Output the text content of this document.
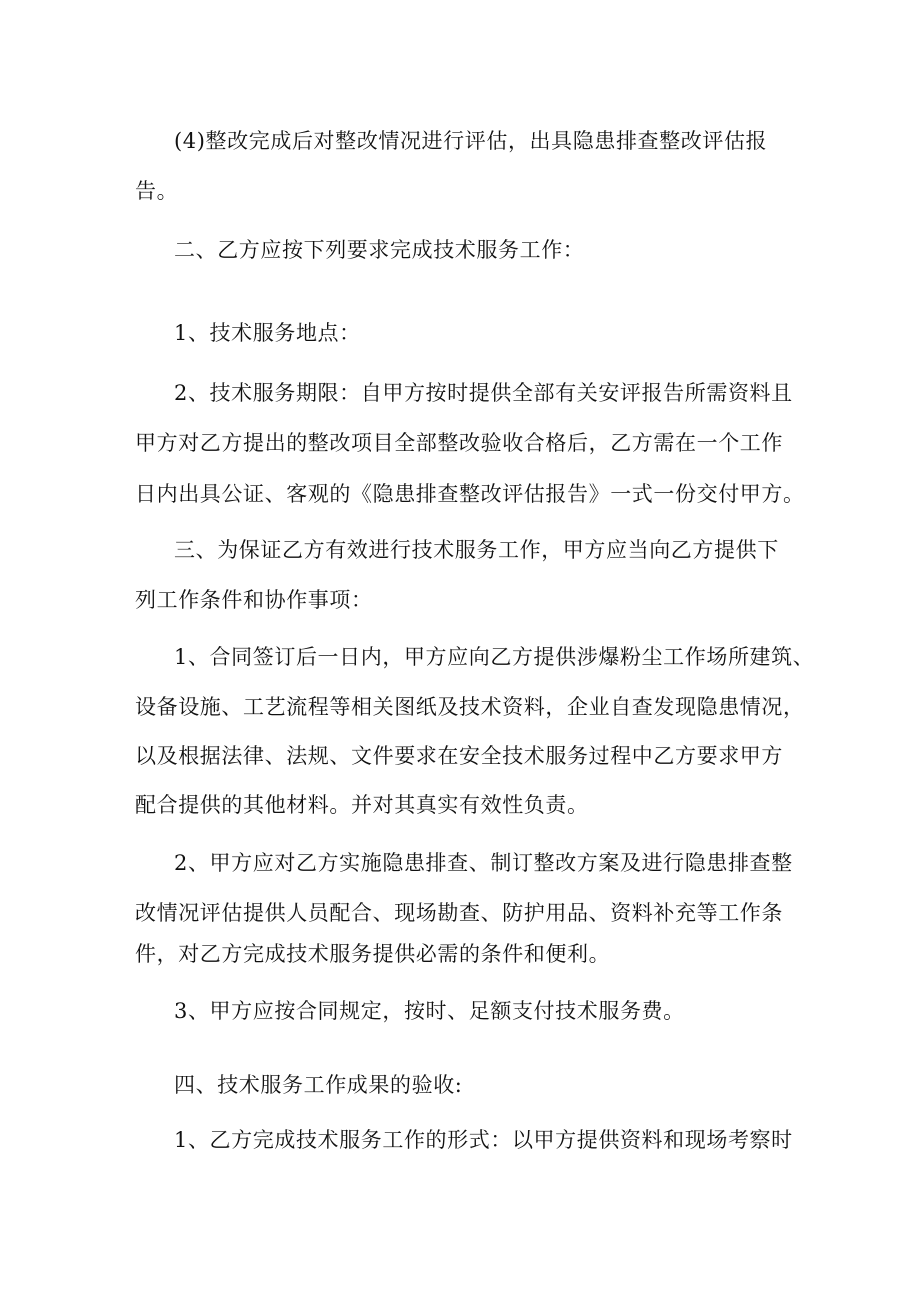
(4)整改完成后对整改情况进行评估，出具隐患排查整改评估报
告。
二、乙方应按下列要求完成技术服务工作：
1、技术服务地点：
2、技术服务期限：自甲方按时提供全部有关安评报告所需资料且
甲方对乙方提出的整改项目全部整改验收合格后，乙方需在一个工作
日内出具公证、客观的《隐患排查整改评估报告》一式一份交付甲方。
三、为保证乙方有效进行技术服务工作，甲方应当向乙方提供下
列工作条件和协作事项：
1、合同签订后一日内，甲方应向乙方提供涉爆粉尘工作场所建筑、
设备设施、工艺流程等相关图纸及技术资料，企业自查发现隐患情况，
以及根据法律、法规、文件要求在安全技术服务过程中乙方要求甲方
配合提供的其他材料。并对其真实有效性负责。
2、甲方应对乙方实施隐患排查、制订整改方案及进行隐患排查整
改情况评估提供人员配合、现场勘查、防护用品、资料补充等工作条
件，对乙方完成技术服务提供必需的条件和便利。
3、甲方应按合同规定，按时、足额支付技术服务费。
四、技术服务工作成果的验收:
1、乙方完成技术服务工作的形式：以甲方提供资料和现场考察时
